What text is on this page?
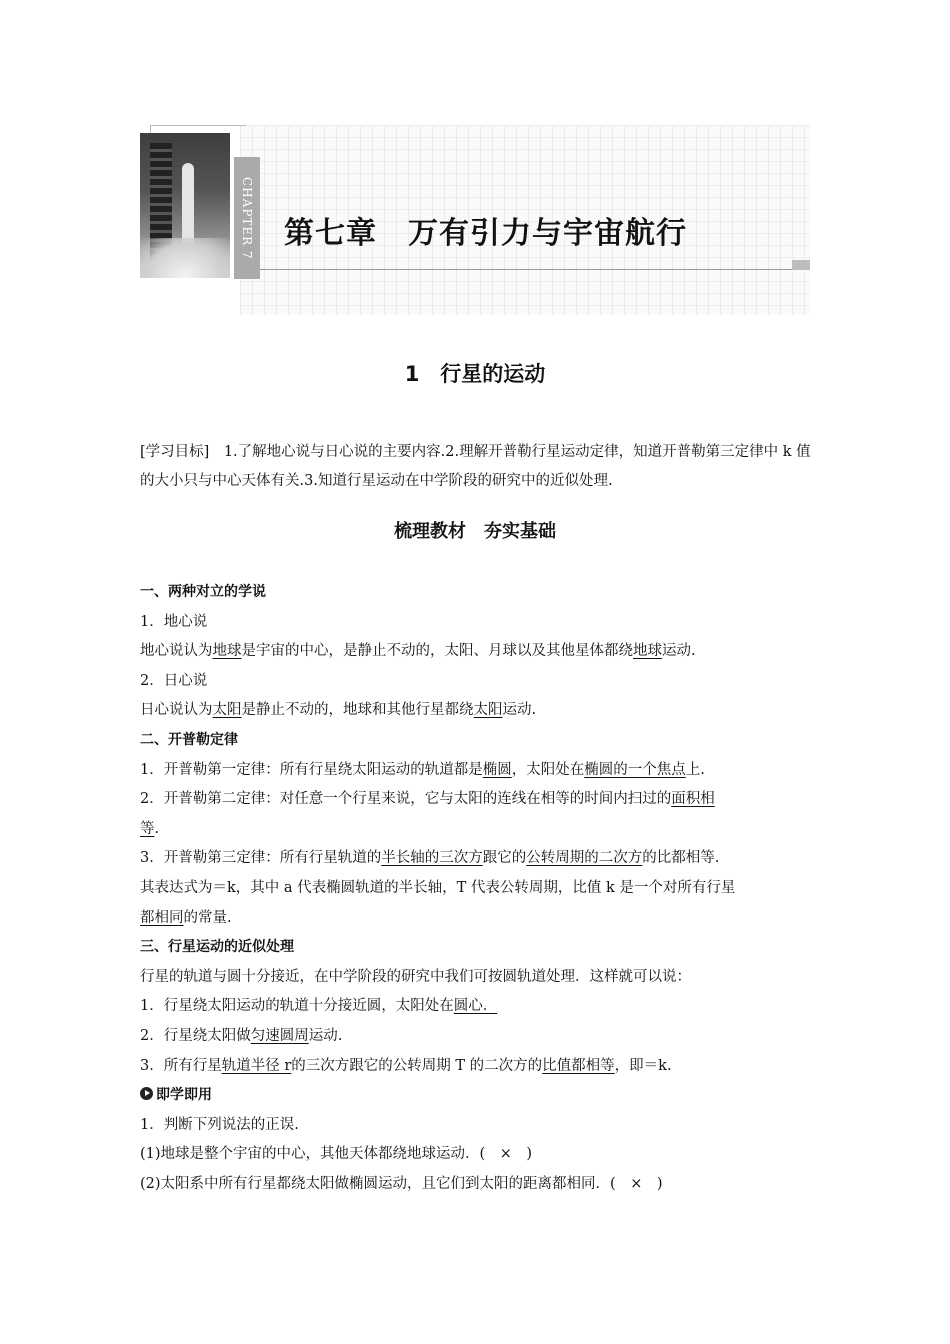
CHAPTER 7 第七章　万有引力与宇宙航行
1　行星的运动
[学习目标]　1.了解地心说与日心说的主要内容.2.理解开普勒行星运动定律，知道开普勒第三定律中 k 值的大小只与中心天体有关.3.知道行星运动在中学阶段的研究中的近似处理.
梳理教材　夯实基础
一、两种对立的学说
1．地心说
地心说认为地球是宇宙的中心，是静止不动的，太阳、月球以及其他星体都绕地球运动.
2．日心说
日心说认为太阳是静止不动的，地球和其他行星都绕太阳运动.
二、开普勒定律
1．开普勒第一定律：所有行星绕太阳运动的轨道都是椭圆，太阳处在椭圆的一个焦点上.
2．开普勒第二定律：对任意一个行星来说，它与太阳的连线在相等的时间内扫过的面积相
等.
3．开普勒第三定律：所有行星轨道的半长轴的三次方跟它的公转周期的二次方的比都相等.
其表达式为＝k，其中 a 代表椭圆轨道的半长轴，T 代表公转周期，比值 k 是一个对所有行星
都相同的常量.
三、行星运动的近似处理
行星的轨道与圆十分接近，在中学阶段的研究中我们可按圆轨道处理．这样就可以说：
1．行星绕太阳运动的轨道十分接近圆，太阳处在圆心．
2．行星绕太阳做匀速圆周运动.
3．所有行星轨道半径 r的三次方跟它的公转周期 T 的二次方的比值都相等，即＝k.
即学即用
1．判断下列说法的正误.
(1)地球是整个宇宙的中心，其他天体都绕地球运动．(　×　)
(2)太阳系中所有行星都绕太阳做椭圆运动，且它们到太阳的距离都相同．(　×　)
